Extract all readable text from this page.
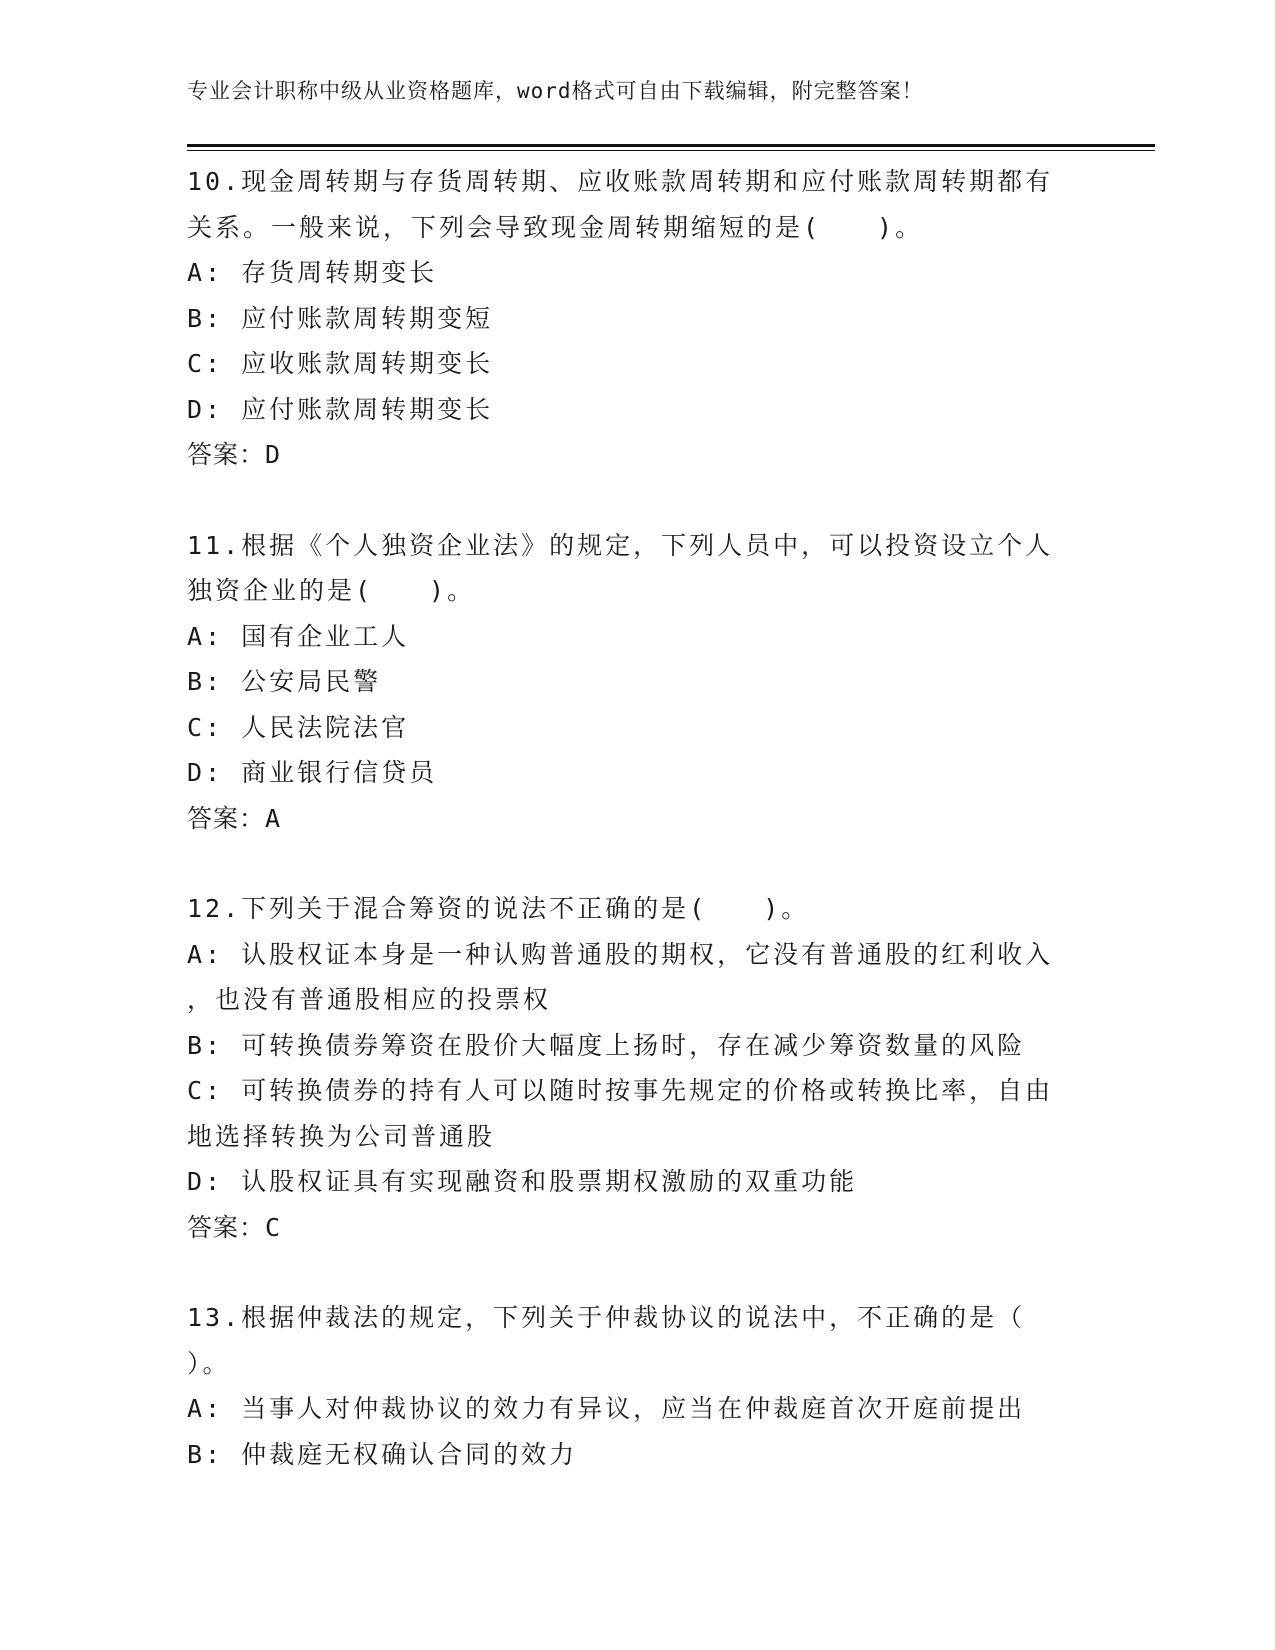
专业会计职称中级从业资格题库，word格式可自由下载编辑，附完整答案！
10.现金周转期与存货周转期、应收账款周转期和应付账款周转期都有
关系。一般来说，下列会导致现金周转期缩短的是(　　)。
A: 存货周转期变长
B: 应付账款周转期变短
C: 应收账款周转期变长
D: 应付账款周转期变长
答案：D
11.根据《个人独资企业法》的规定，下列人员中，可以投资设立个人
独资企业的是(　　)。
A: 国有企业工人
B: 公安局民警
C: 人民法院法官
D: 商业银行信贷员
答案：A
12.下列关于混合筹资的说法不正确的是(　　)。
A: 认股权证本身是一种认购普通股的期权，它没有普通股的红利收入
，也没有普通股相应的投票权
B: 可转换债券筹资在股价大幅度上扬时，存在减少筹资数量的风险
C: 可转换债券的持有人可以随时按事先规定的价格或转换比率，自由
地选择转换为公司普通股
D: 认股权证具有实现融资和股票期权激励的双重功能
答案：C
13.根据仲裁法的规定，下列关于仲裁协议的说法中，不正确的是（
）。
A: 当事人对仲裁协议的效力有异议，应当在仲裁庭首次开庭前提出
B: 仲裁庭无权确认合同的效力
